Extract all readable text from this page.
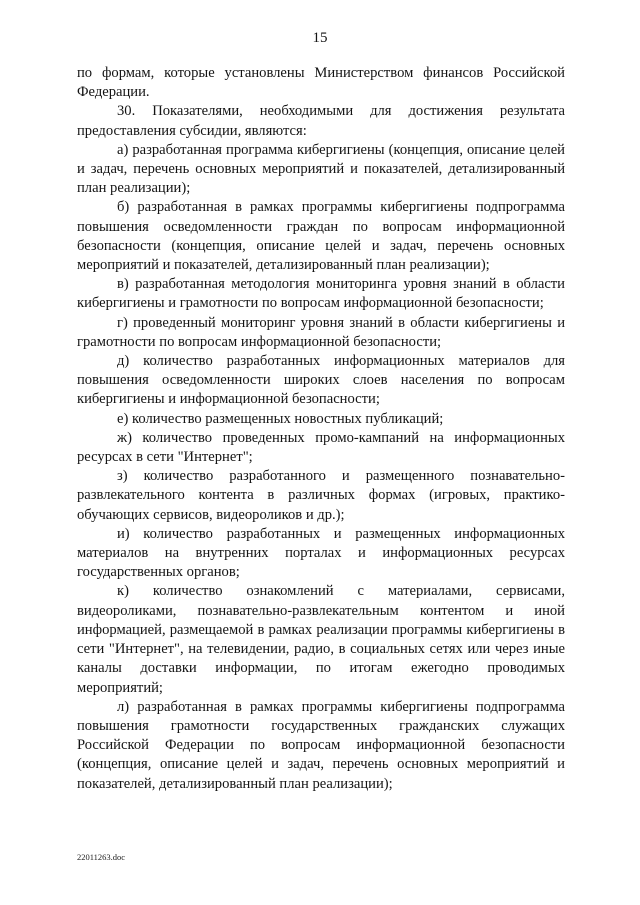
15

по формам, которые установлены Министерством финансов Российской Федерации.

30. Показателями, необходимыми для достижения результата предоставления субсидии, являются:

а) разработанная программа кибергигиены (концепция, описание целей и задач, перечень основных мероприятий и показателей, детализированный план реализации);

б) разработанная в рамках программы кибергигиены подпрограмма повышения осведомленности граждан по вопросам информационной безопасности (концепция, описание целей и задач, перечень основных мероприятий и показателей, детализированный план реализации);

в) разработанная методология мониторинга уровня знаний в области кибергигиены и грамотности по вопросам информационной безопасности;

г) проведенный мониторинг уровня знаний в области кибергигиены и грамотности по вопросам информационной безопасности;

д) количество разработанных информационных материалов для повышения осведомленности широких слоев населения по вопросам кибергигиены и информационной безопасности;

е) количество размещенных новостных публикаций;

ж) количество проведенных промо-кампаний на информационных ресурсах в сети "Интернет";

з) количество разработанного и размещенного познавательно-развлекательного контента в различных формах (игровых, практико-обучающих сервисов, видеороликов и др.);

и) количество разработанных и размещенных информационных материалов на внутренних порталах и информационных ресурсах государственных органов;

к) количество ознакомлений с материалами, сервисами, видеороликами, познавательно-развлекательным контентом и иной информацией, размещаемой в рамках реализации программы кибергигиены в сети "Интернет", на телевидении, радио, в социальных сетях или через иные каналы доставки информации, по итогам ежегодно проводимых мероприятий;

л) разработанная в рамках программы кибергигиены подпрограмма повышения грамотности государственных гражданских служащих Российской Федерации по вопросам информационной безопасности (концепция, описание целей и задач, перечень основных мероприятий и показателей, детализированный план реализации);

22011263.doc
